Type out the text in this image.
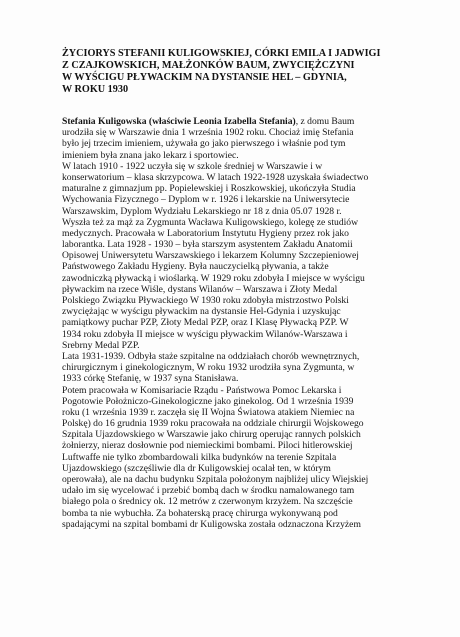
ŻYCIORYS STEFANII KULIGOWSKIEJ, CÓRKI EMILA I JADWIGI
Z CZAJKOWSKICH, MAŁŻONKÓW BAUM, ZWYCIĘŻCZYNI
W WYŚCIGU PŁYWACKIM NA DYSTANSIE HEL – GDYNIA,
W ROKU 1930
Stefania Kuligowska (właściwie Leonia Izabella Stefania), z domu Baum
urodziła się w Warszawie dnia 1 września 1902 roku. Chociaż imię Stefania
było jej trzecim imieniem, używała go jako pierwszego i właśnie pod tym
imieniem była znana jako lekarz i sportowiec.
W latach 1910 - 1922 uczyła się w szkole średniej w Warszawie i w
konserwatorium – klasa skrzypcowa. W latach 1922-1928 uzyskała świadectwo
maturalne z gimnazjum pp. Popielewskiej i Roszkowskiej, ukończyła Studia
Wychowania Fizycznego – Dyplom w r. 1926 i lekarskie na Uniwersytecie
Warszawskim, Dyplom Wydziału Lekarskiego nr 18 z dnia 05.07 1928 r.
Wyszła też za mąż za Zygmunta Wacława Kuligowskiego, kolegę ze studiów
medycznych. Pracowała w Laboratorium Instytutu Hygieny przez rok jako
laborantka. Lata 1928 - 1930 – była starszym asystentem Zakładu Anatomii
Opisowej Uniwersytetu Warszawskiego i lekarzem Kolumny Szczepieniowej
Państwowego Zakładu Hygieny. Była nauczycielką pływania, a także
zawodniczką pływacką i wioślarką. W 1929 roku zdobyła I miejsce w wyścigu
pływackim na rzece Wiśle, dystans Wilanów – Warszawa i Złoty Medal
Polskiego Związku Pływackiego W 1930 roku zdobyła mistrzostwo Polski
zwyciężając w wyścigu pływackim na dystansie Hel-Gdynia i uzyskując
pamiątkowy puchar PZP, Złoty Medal PZP, oraz I Klasę Pływacką PZP. W
1934 roku zdobyła II miejsce w wyścigu pływackim Wilanów-Warszawa i
Srebrny Medal PZP.
Lata 1931-1939. Odbyła staże szpitalne na oddziałach chorób wewnętrznych,
chirurgicznym i ginekologicznym, W roku 1932 urodziła syna Zygmunta, w
1933 córkę Stefanię, w 1937 syna Stanisława.
Potem pracowała w Komisariacie Rządu - Państwowa Pomoc Lekarska i
Pogotowie Położniczo-Ginekologiczne jako ginekolog. Od 1 września 1939
roku (1 września 1939 r. zaczęła się II Wojna Światowa atakiem Niemiec na
Polskę) do 16 grudnia 1939 roku pracowała na oddziale chirurgii Wojskowego
Szpitala Ujazdowskiego w Warszawie jako chirurg operując rannych polskich
żołnierzy, nieraz dosłownie pod niemieckimi bombami. Piloci hitlerowskiej
Luftwaffe nie tylko zbombardowali kilka budynków na terenie Szpitala
Ujazdowskiego (szczęśliwie dla dr Kuligowskiej ocalał ten, w którym
operowała), ale na dachu budynku Szpitala położonym najbliżej ulicy Wiejskiej
udało im się wycelować i przebić bombą dach w środku namalowanego tam
białego pola o średnicy ok. 12 metrów z czerwonym krzyżem. Na szczęście
bomba ta nie wybuchła. Za bohaterską pracę chirurga wykonywaną pod
spadającymi na szpital bombami dr Kuligowska została odznaczona Krzyżem
